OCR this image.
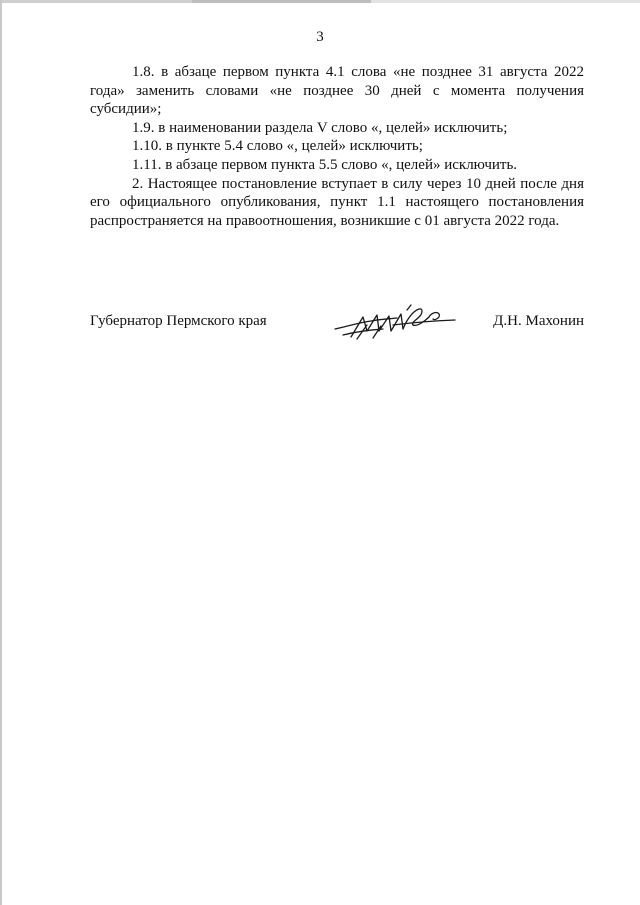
3

1.8. в абзаце первом пункта 4.1 слова «не позднее 31 августа 2022 года» заменить словами «не позднее 30 дней с момента получения субсидии»;

1.9. в наименовании раздела V слово «, целей» исключить;

1.10. в пункте 5.4 слово «, целей» исключить;

1.11. в абзаце первом пункта 5.5 слово «, целей» исключить.

2. Настоящее постановление вступает в силу через 10 дней после дня его официального опубликования, пункт 1.1 настоящего постановления распространяется на правоотношения, возникшие с 01 августа 2022 года.

Губернатор Пермского края	Д.Н. Махонин
